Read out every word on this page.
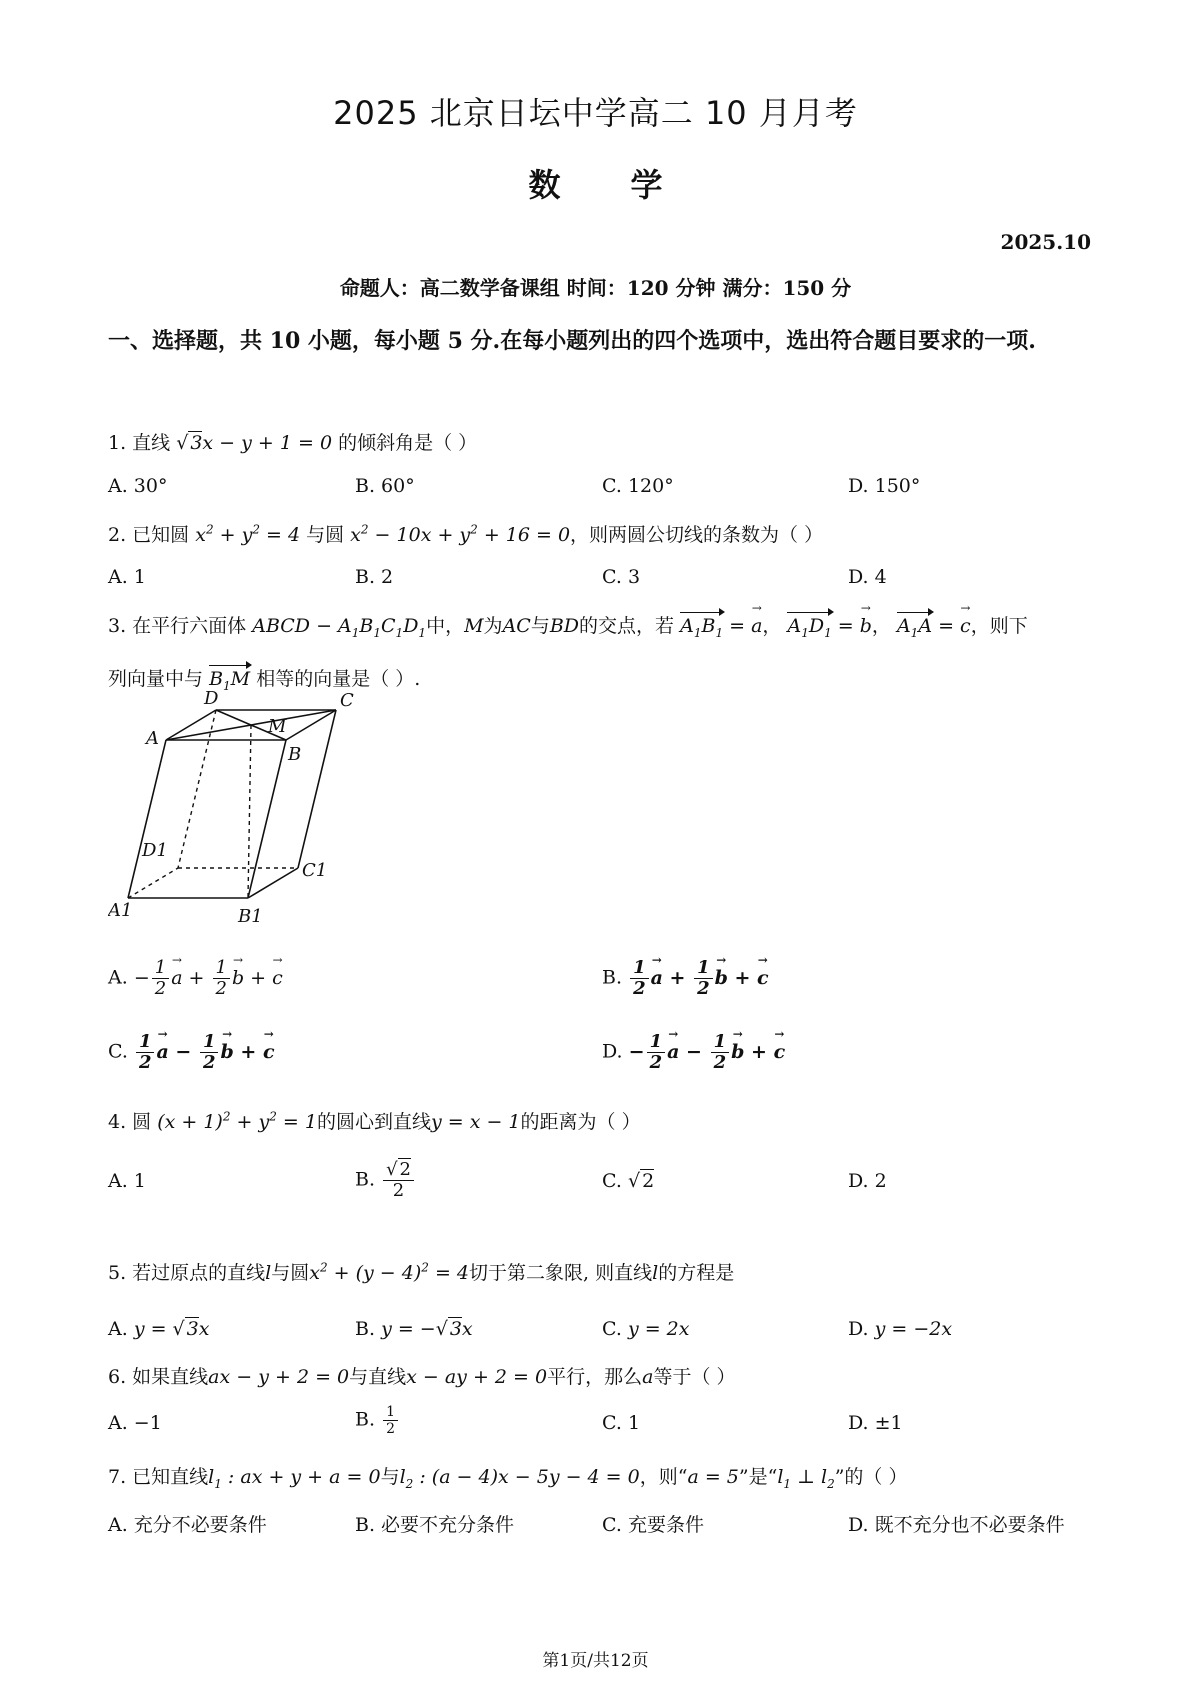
2025 北京日坛中学高二 10 月月考
数学
2025.10
命题人：高二数学备课组 时间：120 分钟 满分：150 分
一、选择题，共 10 小题，每小题 5 分.在每小题列出的四个选项中，选出符合题目要求的一项.
1. 直线 √ 3x − y + 1 = 0 的倾斜角是（ ）
A. 30°	B. 60°	C. 120°	D. 150°
2. 已知圆 $x^2 + y^2 = 4$ 与圆 $x^2 - 10x + y^2 + 16 = 0$，则两圆公切线的条数为（ ）
A. 1	B. 2	C. 3	D. 4
3. 在平行六面体 ABCD − $A_1B_1C_1D_1$中，M为AC与BD的交点，若 $A_1B_1 = a$ →， $A_1D_1 = b$ →， $A_1A = c$ →，则下
列向量中与 $B_1M$ 相等的向量是（ ）.
D	C
A
M
B
D1
C1
A1	B1
A. − $\frac{1}{2}$ a → + $\frac{1}{2}$ b → + c →	B. $\frac{1}{2}$ a → + $\frac{1}{2}$ b → + c →
C. $\frac{1}{2}$ a → − $\frac{1}{2}$ b → + c →	D. − $\frac{1}{2}$ a → − $\frac{1}{2}$ b → + c →
4. 圆 $(x + 1)^2 + y^2 = 1$的圆心到直线y = x − 1的距离为（ ）
A. 1	B. $\frac{√ 2}{2}$	C. √ 2	D. 2
5. 若过原点的直线l与圆$x^2 + (y - 4)^2 = 4$切于第二象限, 则直线l的方程是
A. y = √ 3x	B. y = −√ 3x	C. y = 2x	D. y = −2x
6. 如果直线ax − y + 2 = 0与直线x − ay + 2 = 0平行，那么a等于（ ）
A. −1	B. $\frac{1}{2}$	C. 1	D. ±1
7. 已知直线$l_1$ : ax + y + a = 0与$l_2$ : (a − 4)x − 5y − 4 = 0，则“a = 5”是“$l_1$ ⊥ $l_2$”的（ ）
A. 充分不必要条件	B. 必要不充分条件	C. 充要条件	D. 既不充分也不必要条件
第1页/共12页
